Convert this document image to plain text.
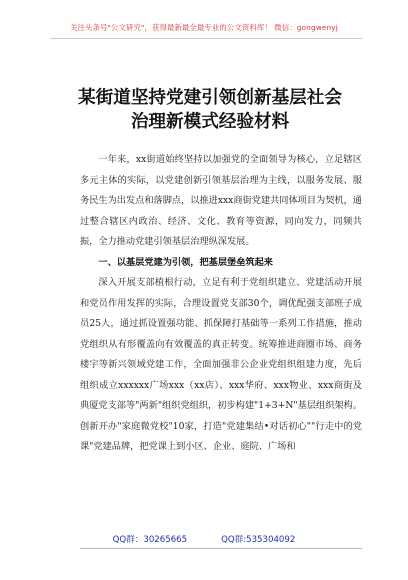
关注头条号"公文研究"，获得最新最全最专业的公文资料库！ 微信：gongwenyj
某街道坚持党建引领创新基层社会
治理新模式经验材料

一年来，xx街道始终坚持以加强党的全面领导为核心，立足辖区多元主体的实际，以党建创新引领基层治理为主线，以服务发展、服务民生为出发点和落脚点，以推进xxx商街党建共同体项目为契机，通过整合辖区内政治、经济、文化、教育等资源，同向发力，同频共振，全力推动党建引领基层治理纵深发展。

一、以基层党建为引领，把基层堡垒筑起来

深入开展支部植根行动，立足有利于党组织建立、党建活动开展和党员作用发挥的实际，合理设置党支部30个，调优配强支部班子成员25人，通过抓设置强功能、抓保障打基础等一系列工作措施，推动党组织从有形覆盖向有效覆盖的真正转变。统筹推进商圈市场、商务楼宇等新兴领域党建工作，全面加强非公企业党组织组建力度，先后组织成立xxxxxx广场xxx（xx店）、xxx华府、xxx物业、xxx商街及典厦党支部等"两新"组织党组织，初步构建"1+3+N"基层组织架构。创新开办"家庭微党校"10家，打造"党建集结•对话初心""行走中的党课"党建品牌，把党课上到小区、企业、庭院、广场和

QQ群：30265665	QQ群:535304092
